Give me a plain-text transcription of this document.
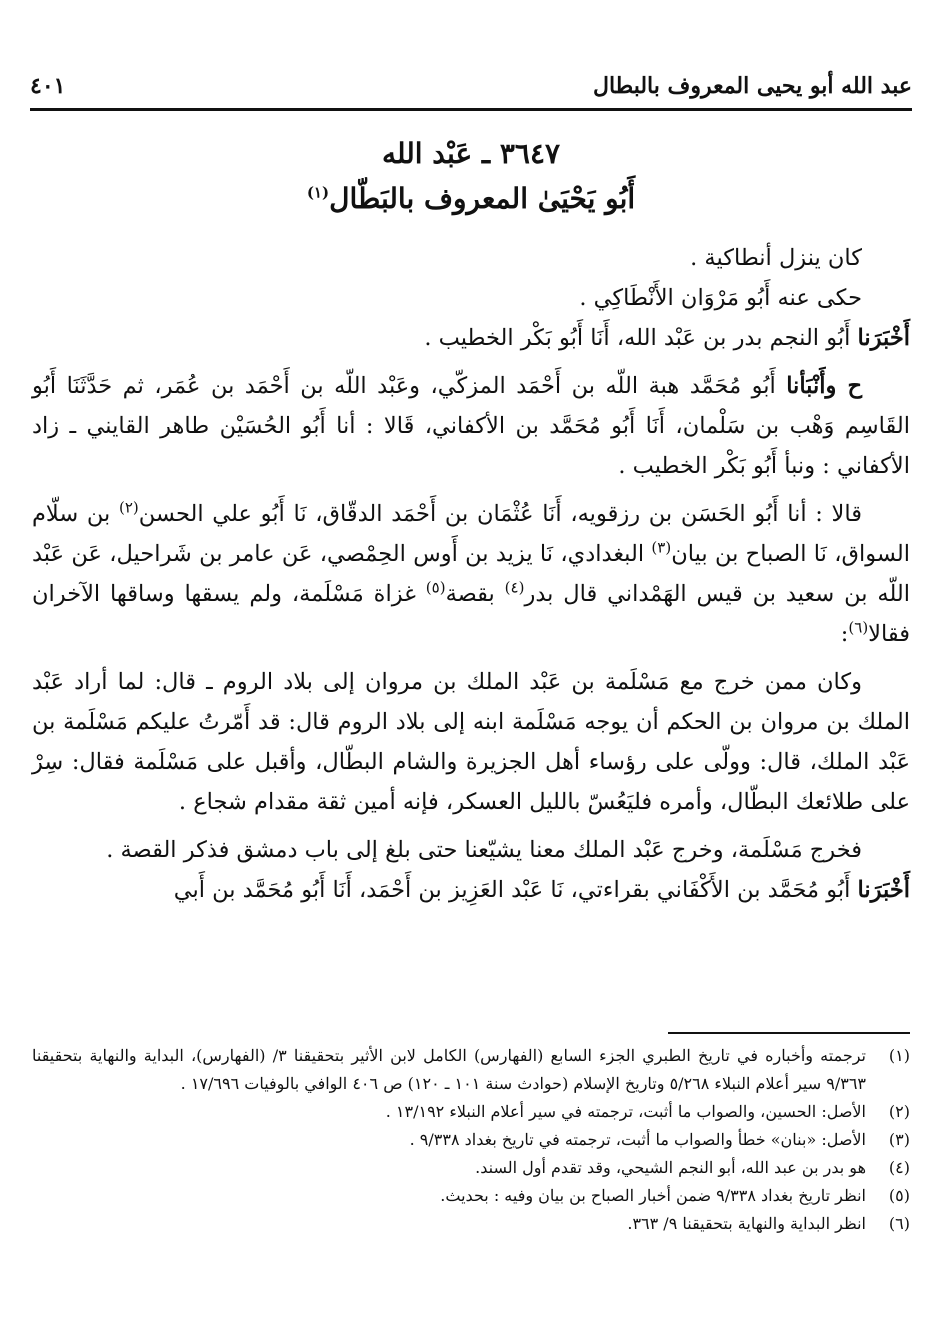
عبد الله أبو يحيى المعروف بالبطال
٤٠١
٣٦٤٧ ـ عَبْد الله
أَبُو يَحْيَىٰ المعروف بالبَطّال$^{(١)}$

كان ينزل أنطاكية .

حكى عنه أَبُو مَرْوَان الأَنْطَاكِي .

أَخْبَرَنا أَبُو النجم بدر بن عَبْد الله، أَنَا أَبُو بَكْر الخطيب .

ح وأَنْبَأنا أَبُو مُحَمَّد هبة اللّه بن أَحْمَد المزكّي، وعَبْد اللّه بن أَحْمَد بن عُمَر، ثم حَدَّثَنَا أَبُو القَاسِم وَهْب بن سَلْمان، أَنَا أَبُو مُحَمَّد بن الأكفاني، قَالا : أنا أَبُو الحُسَيْن طاهر القايني ـ زاد الأكفاني : ونبأ أَبُو بَكْر الخطيب .

قالا : أنا أَبُو الحَسَن بن رزقويه، أَنَا عُثْمَان بن أَحْمَد الدقّاق، نَا أَبُو علي الحسن$^{(٢)}$ بن سلّام السواق، نَا الصباح بن بيان$^{(٣)}$ البغدادي، نَا يزيد بن أَوس الحِمْصي، عَن عامر بن شَراحيل، عَن عَبْد اللّه بن سعيد بن قيس الهَمْداني قال بدر$^{(٤)}$ بقصة$^{(٥)}$ غزاة مَسْلَمة، ولم يسقها وساقها الآخران فقالا$^{(٦)}$:

وكان ممن خرج مع مَسْلَمة بن عَبْد الملك بن مروان إلى بلاد الروم ـ قال: لما أراد عَبْد الملك بن مروان بن الحكم أن يوجه مَسْلَمة ابنه إلى بلاد الروم قال: قد أَمّرتُ عليكم مَسْلَمة بن عَبْد الملك، قال: وولّى على رؤساء أهل الجزيرة والشام البطّال، وأقبل على مَسْلَمة فقال: سِرْ على طلائعك البطّال، وأمره فليَعُسّ بالليل العسكر، فإنه أمين ثقة مقدام شجاع .

فخرج مَسْلَمة، وخرج عَبْد الملك معنا يشيّعنا حتى بلغ إلى باب دمشق فذكر القصة .

أَخْبَرَنا أَبُو مُحَمَّد بن الأَكْفَاني بقراءتي، نَا عَبْد العَزِيز بن أَحْمَد، أَنَا أَبُو مُحَمَّد بن أَبي

(١)
ترجمته وأخباره في تاريخ الطبري الجزء السابع (الفهارس) الكامل لابن الأثير بتحقيقنا ٣/ (الفهارس)، البداية والنهاية بتحقيقنا ٩/٣٦٣ سير أعلام النبلاء ٥/٢٦٨ وتاريخ الإسلام (حوادث سنة ١٠١ ـ ١٢٠) ص ٤٠٦ الوافي بالوفيات ١٧/٦٩٦ .
(٢)
الأصل: الحسين، والصواب ما أثبت، ترجمته في سير أعلام النبلاء ١٣/١٩٢ .
(٣)
الأصل: «بنان» خطأ والصواب ما أثبت، ترجمته في تاريخ بغداد ٩/٣٣٨ .
(٤)
هو بدر بن عبد الله، أبو النجم الشيحي، وقد تقدم أول السند.
(٥)
انظر تاريخ بغداد ٩/٣٣٨ ضمن أخبار الصباح بن بيان وفيه : بحديث.
(٦)
انظر البداية والنهاية بتحقيقنا ٩/ ٣٦٣.
